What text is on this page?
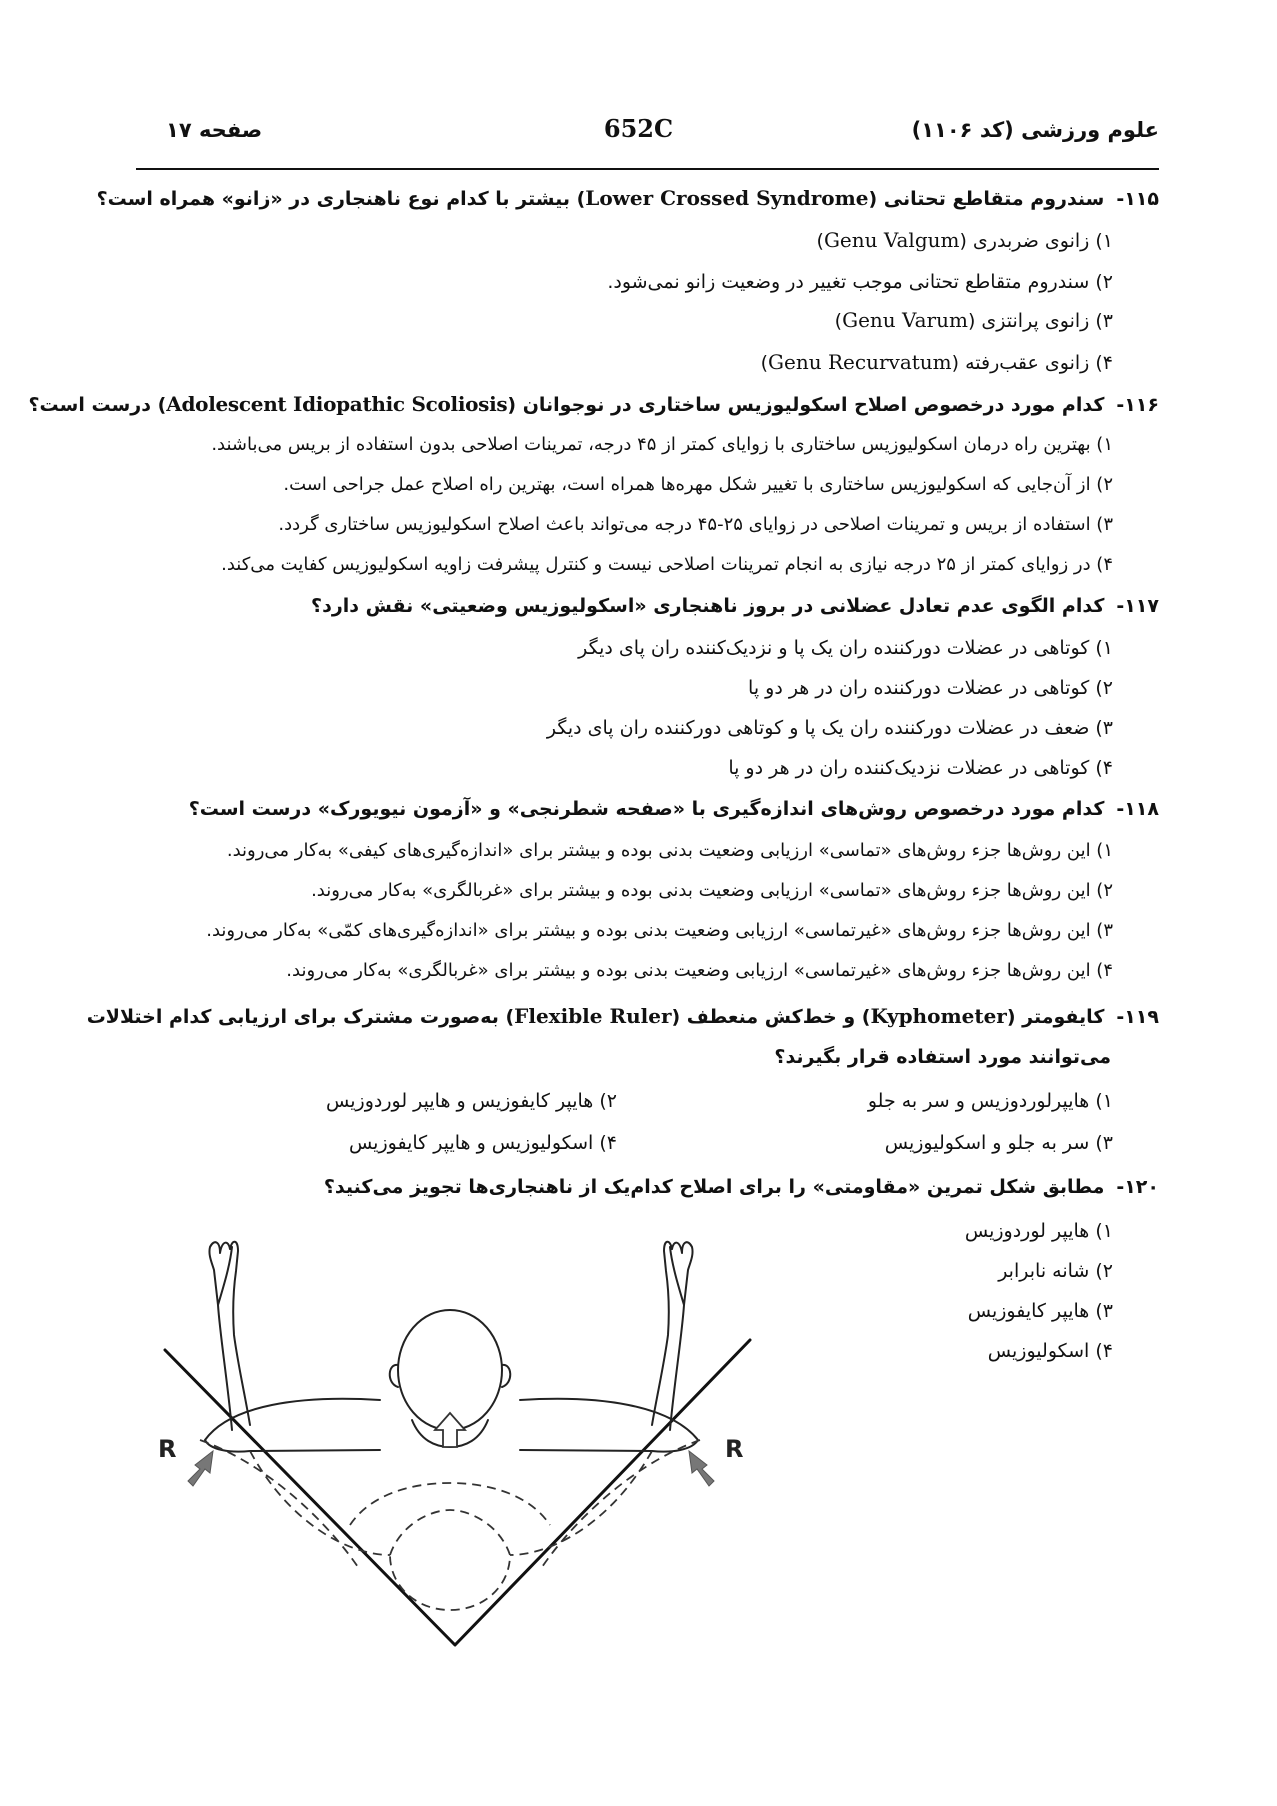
علوم ورزشی (کد ۱۱۰۶)
652C
صفحه ۱۷
۱۱۵- سندروم متقاطع تحتانی (Lower Crossed Syndrome) بیشتر با کدام نوع ناهنجاری در «زانو» همراه است؟
۱) زانوی ضربدری (Genu Valgum)
۲) سندروم متقاطع تحتانی موجب تغییر در وضعیت زانو نمی‌شود.
۳) زانوی پرانتزی (Genu Varum)
۴) زانوی عقب‌رفته (Genu Recurvatum)
۱۱۶- کدام مورد درخصوص اصلاح اسکولیوزیس ساختاری در نوجوانان (Adolescent Idiopathic Scoliosis) درست است؟
۱) بهترین راه درمان اسکولیوزیس ساختاری با زوایای کمتر از ۴۵ درجه، تمرینات اصلاحی بدون استفاده از بریس می‌باشند.
۲) از آن‌جایی که اسکولیوزیس ساختاری با تغییر شکل مهره‌ها همراه است، بهترین راه اصلاح عمل جراحی است.
۳) استفاده از بریس و تمرینات اصلاحی در زوایای ۲۵-۴۵ درجه می‌تواند باعث اصلاح اسکولیوزیس ساختاری گردد.
۴) در زوایای کمتر از ۲۵ درجه نیازی به انجام تمرینات اصلاحی نیست و کنترل پیشرفت زاویه اسکولیوزیس کفایت می‌کند.
۱۱۷- کدام الگوی عدم تعادل عضلانی در بروز ناهنجاری «اسکولیوزیس وضعیتی» نقش دارد؟
۱) کوتاهی در عضلات دورکننده ران یک پا و نزدیک‌کننده ران پای دیگر
۲) کوتاهی در عضلات دورکننده ران در هر دو پا
۳) ضعف در عضلات دورکننده ران یک پا و کوتاهی دورکننده ران پای دیگر
۴) کوتاهی در عضلات نزدیک‌کننده ران در هر دو پا
۱۱۸- کدام مورد درخصوص روش‌های اندازه‌گیری با «صفحه شطرنجی» و «آزمون نیویورک» درست است؟
۱) این روش‌ها جزء روش‌های «تماسی» ارزیابی وضعیت بدنی بوده و بیشتر برای «اندازه‌گیری‌های کیفی» به‌کار می‌روند.
۲) این روش‌ها جزء روش‌های «تماسی» ارزیابی وضعیت بدنی بوده و بیشتر برای «غربالگری» به‌کار می‌روند.
۳) این روش‌ها جزء روش‌های «غیرتماسی» ارزیابی وضعیت بدنی بوده و بیشتر برای «اندازه‌گیری‌های کمّی» به‌کار می‌روند.
۴) این روش‌ها جزء روش‌های «غیرتماسی» ارزیابی وضعیت بدنی بوده و بیشتر برای «غربالگری» به‌کار می‌روند.
۱۱۹- کایفومتر (Kyphometer) و خط‌کش منعطف (Flexible Ruler) به‌صورت مشترک برای ارزیابی کدام اختلالات
می‌توانند مورد استفاده قرار بگیرند؟
۱) هایپرلوردوزیس و سر به جلو
۲) هایپر کایفوزیس و هایپر لوردوزیس
۳) سر به جلو و اسکولیوزیس
۴) اسکولیوزیس و هایپر کایفوزیس
۱۲۰- مطابق شکل تمرین «مقاومتی» را برای اصلاح کدام‌یک از ناهنجاری‌ها تجویز می‌کنید؟
۱) هایپر لوردوزیس
۲) شانه نابرابر
۳) هایپر کایفوزیس
۴) اسکولیوزیس
R	R
